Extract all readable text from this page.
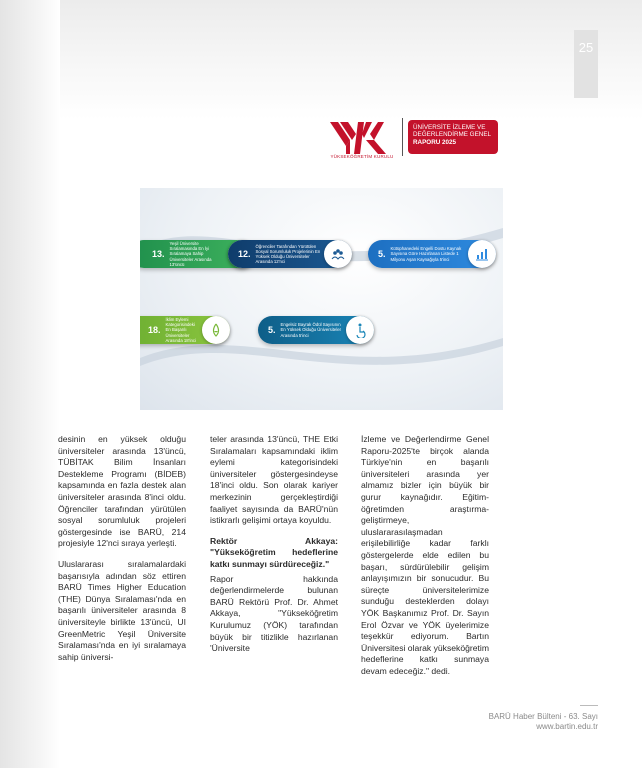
25
YÜKSEKÖĞRETİM KURULU
ÜNİVERSİTE İZLEME VE
DEĞERLENDİRME GENEL
RAPORU 2025
13.
Yeşil Üniversite Sıralamasında En İyi Sıralamaya Sahip Üniversiteler Arasında 13'üncü
12.
Öğrenciler Tarafından Yürütülen Sosyal Sorumluluk Projelerinin En Yüksek Olduğu Üniversiteler Arasında 12'nci
5.
Kütüphanedeki Engelli Dostu Kaynak Sayısına Göre Hazırlanan Listede 1 Milyonu Aşan Kaynağıyla 5'inci
18.
İklim Eylemi Kategorisindeki En Başarılı Üniversiteler Arasında 18'inci
5.
Engelsiz Bayrak Ödül Sayısının En Yüksek Olduğu Üniversiteler Arasında 5'inci

desinin en yüksek olduğu üniversiteler arasında 13'üncü, TÜBİTAK Bilim İnsanları Destekleme Programı (BİDEB) kapsamında en fazla destek alan üniversiteler arasında 8'inci oldu. Öğrenciler tarafından yürütülen sosyal sorumluluk projeleri göstergesinde ise BARÜ, 214 projesiyle 12'nci sıraya yerleşti.

Uluslararası sıralamalardaki başarısıyla adından söz ettiren BARÜ Times Higher Education (THE) Dünya Sıralaması'nda en başarılı üniversiteler arasında 8 üniversiteyle birlikte 13'üncü, UI GreenMetric Yeşil Üniversite Sıralaması'nda en iyi sıralamaya sahip üniversi-

teler arasında 13'üncü, THE Etki Sıralamaları kapsamındaki iklim eylemi kategorisindeki üniversiteler göstergesindeyse 18'inci oldu. Son olarak kariyer merkezinin gerçekleştirdiği faaliyet sayısında da BARÜ'nün istikrarlı gelişimi ortaya koyuldu.

Rektör Akkaya: "Yükseköğretim hedeflerine katkı sunmayı sürdüreceğiz."

Rapor hakkında değerlendirmelerde bulunan BARÜ Rektörü Prof. Dr. Ahmet Akkaya, "Yükseköğretim Kurulumuz (YÖK) tarafından büyük bir titizlikle hazırlanan 'Üniversite

İzleme ve Değerlendirme Genel Raporu-2025'te birçok alanda Türkiye'nin en başarılı üniversiteleri arasında yer almamız bizler için büyük bir gurur kaynağıdır. Eğitim-öğretimden araştırma-geliştirmeye, uluslararasılaşmadan erişilebilirliğe kadar farklı göstergelerde elde edilen bu başarı, sürdürülebilir gelişim anlayışımızın bir sonucudur. Bu süreçte üniversitelerimize sunduğu desteklerden dolayı YÖK Başkanımız Prof. Dr. Sayın Erol Özvar ve YÖK üyelerimize teşekkür ediyorum. Bartın Üniversitesi olarak yükseköğretim hedeflerine katkı sunmaya devam edeceğiz." dedi.

BARÜ Haber Bülteni - 63. Sayı
www.bartin.edu.tr
